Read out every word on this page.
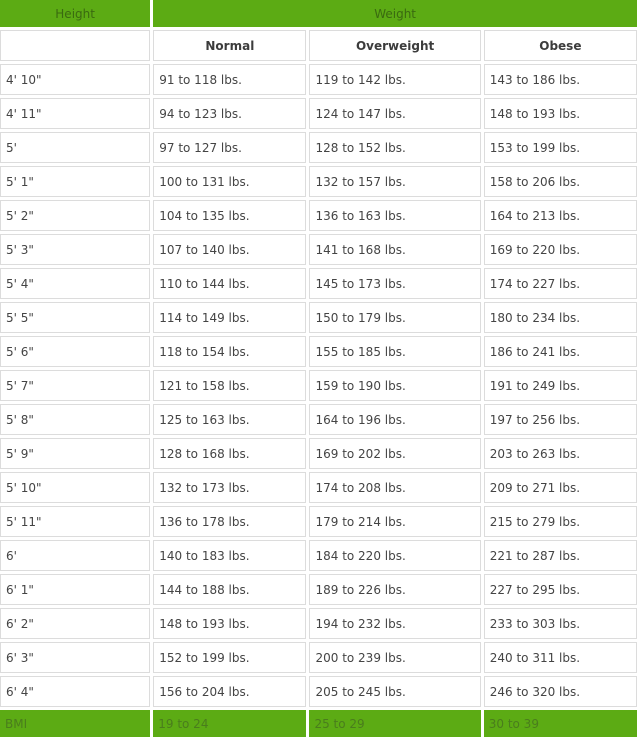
Height	Weight		
	Normal	Overweight	Obese
4' 10"	91 to 118 lbs.	119 to 142 lbs.	143 to 186 lbs.
4' 11"	94 to 123 lbs.	124 to 147 lbs.	148 to 193 lbs.
5'	97 to 127 lbs.	128 to 152 lbs.	153 to 199 lbs.
5' 1"	100 to 131 lbs.	132 to 157 lbs.	158 to 206 lbs.
5' 2"	104 to 135 lbs.	136 to 163 lbs.	164 to 213 lbs.
5' 3"	107 to 140 lbs.	141 to 168 lbs.	169 to 220 lbs.
5' 4"	110 to 144 lbs.	145 to 173 lbs.	174 to 227 lbs.
5' 5"	114 to 149 lbs.	150 to 179 lbs.	180 to 234 lbs.
5' 6"	118 to 154 lbs.	155 to 185 lbs.	186 to 241 lbs.
5' 7"	121 to 158 lbs.	159 to 190 lbs.	191 to 249 lbs.
5' 8"	125 to 163 lbs.	164 to 196 lbs.	197 to 256 lbs.
5' 9"	128 to 168 lbs.	169 to 202 lbs.	203 to 263 lbs.
5' 10"	132 to 173 lbs.	174 to 208 lbs.	209 to 271 lbs.
5' 11"	136 to 178 lbs.	179 to 214 lbs.	215 to 279 lbs.
6'	140 to 183 lbs.	184 to 220 lbs.	221 to 287 lbs.
6' 1"	144 to 188 lbs.	189 to 226 lbs.	227 to 295 lbs.
6' 2"	148 to 193 lbs.	194 to 232 lbs.	233 to 303 lbs.
6' 3"	152 to 199 lbs.	200 to 239 lbs.	240 to 311 lbs.
6' 4"	156 to 204 lbs.	205 to 245 lbs.	246 to 320 lbs.
BMI	19 to 24	25 to 29	30 to 39
